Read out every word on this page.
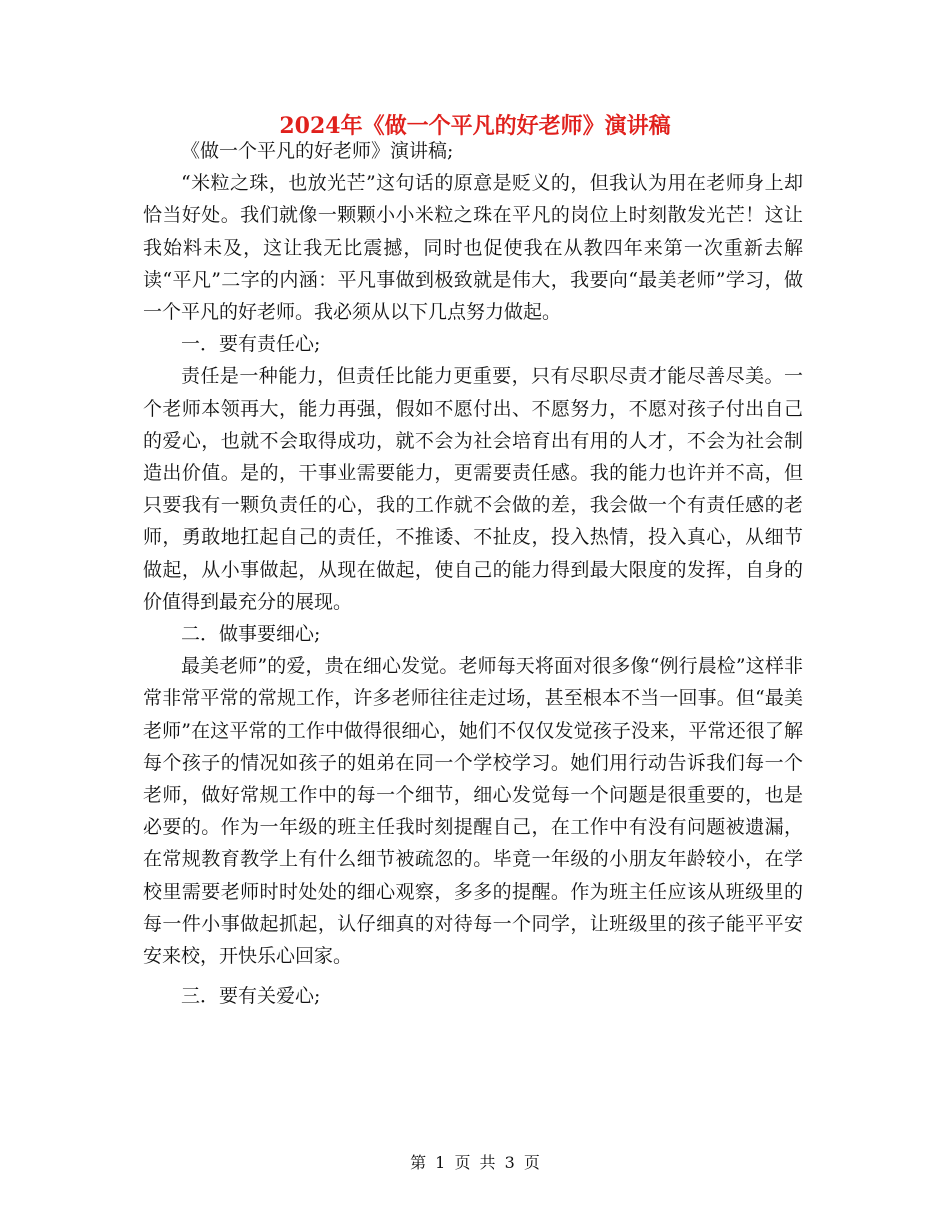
2024年《做一个平凡的好老师》演讲稿

《做一个平凡的好老师》演讲稿;

“米粒之珠，也放光芒”这句话的原意是贬义的，但我认为用在老师身上却恰当好处。我们就像一颗颗小小米粒之珠在平凡的岗位上时刻散发光芒！这让我始料未及，这让我无比震撼，同时也促使我在从教四年来第一次重新去解读“平凡”二字的内涵：平凡事做到极致就是伟大，我要向“最美老师”学习，做一个平凡的好老师。我必须从以下几点努力做起。

一．要有责任心;

责任是一种能力，但责任比能力更重要，只有尽职尽责才能尽善尽美。一个老师本领再大，能力再强，假如不愿付出、不愿努力，不愿对孩子付出自己的爱心，也就不会取得成功，就不会为社会培育出有用的人才，不会为社会制造出价值。是的，干事业需要能力，更需要责任感。我的能力也许并不高，但只要我有一颗负责任的心，我的工作就不会做的差，我会做一个有责任感的老师，勇敢地扛起自己的责任，不推诿、不扯皮，投入热情，投入真心，从细节做起，从小事做起，从现在做起，使自己的能力得到最大限度的发挥，自身的价值得到最充分的展现。

二．做事要细心;

最美老师”的爱，贵在细心发觉。老师每天将面对很多像“例行晨检”这样非常非常平常的常规工作，许多老师往往走过场，甚至根本不当一回事。但“最美老师”在这平常的工作中做得很细心，她们不仅仅发觉孩子没来，平常还很了解每个孩子的情况如孩子的姐弟在同一个学校学习。她们用行动告诉我们每一个老师，做好常规工作中的每一个细节，细心发觉每一个问题是很重要的，也是必要的。作为一年级的班主任我时刻提醒自己，在工作中有没有问题被遗漏，在常规教育教学上有什么细节被疏忽的。毕竟一年级的小朋友年龄较小，在学校里需要老师时时处处的细心观察，多多的提醒。作为班主任应该从班级里的每一件小事做起抓起，认仔细真的对待每一个同学，让班级里的孩子能平平安安来校，开快乐心回家。

三．要有关爱心;

第 1 页 共 3 页
